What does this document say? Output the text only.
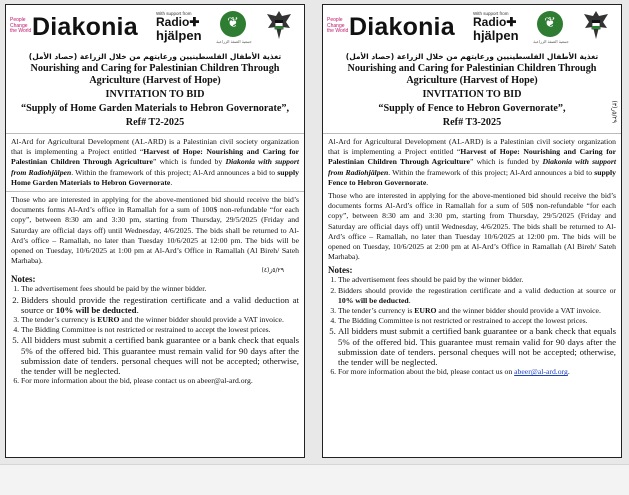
People
Change
the World Diakonia	With support from
Radio✚
hjälpen
❦
جمعية الضفة الزراعية
تغذية الأطفال الفلسطينيين ورعايتهم من خلال الزراعة (حصاد الأمل)
Nourishing and Caring for Palestinian Children Through Agriculture (Harvest of Hope)
INVITATION TO BID
“Supply of Home Garden Materials to Hebron Governorate”,
Ref# T2-2025

Al-Ard for Agricultural Development (AL-ARD) is a Palestinian civil society organization that is implementing a Project entitled “Harvest of Hope: Nourishing and Caring for Palestinian Children Through Agriculture” which is funded by Diakonia with support from Radiohjälpen. Within the framework of this project; Al-Ard announces a bid to supply Home Garden Materials to Hebron Governorate.

Those who are interested in applying for the above-mentioned bid should receive the bid’s documents forms Al-Ard’s office in Ramallah for a sum of 100$ non-refundable “for each copy”, between 8:30 am and 3:30 pm, starting from Thursday, 29/5/2025 (Friday and Saturday are official days off) until Wednesday, 4/6/2025. The bids shall be returned to Al-Ard’s office – Ramallah, no later than Tuesday 10/6/2025 at 12:00 pm. The bids will be opened on Tuesday, 10/6/2025 at 1:00 pm at Al-Ard’s Office in Ramallah (Al Bireh/ Sateh Marhaba).

(٤)٥/٢٩ز
Notes:
1. The advertisement fees should be paid by the winner bidder.
2. Bidders should provide the regestiration certificate and a valid deduction at source or 10% will be deducted.
3. The tender’s currency is EURO and the winner bidder should provide a VAT invoice.
4. The Bidding Committee is not restricted or restrained to accept the lowest prices.
5. All bidders must submit a certified bank guarantee or a bank check that equals 5% of the offered bid. This guarantee must remain valid for 90 days after the submission date of tenders. personal cheques will not be accepted; otherwise, the tender will be neglected.
6. For more information about the bid, please contact us on abeer@al-ard.org.
People
Change
the World Diakonia	With support from
Radio✚
hjälpen
❦
جمعية الضفة الزراعية
تغذية الأطفال الفلسطينيين ورعايتهم من خلال الزراعة (حصاد الأمل)
Nourishing and Caring for Palestinian Children Through Agriculture (Harvest of Hope)
INVITATION TO BID
“Supply of Fence to Hebron Governorate”,
Ref# T3-2025
(٣)٥/٢٩ز

Al-Ard for Agricultural Development (AL-ARD) is a Palestinian civil society organization that is implementing a Project entitled “Harvest of Hope: Nourishing and Caring for Palestinian Children Through Agriculture” which is funded by Diakonia with support from Radiohjälpen. Within the framework of this project; Al-Ard announces a bid to supply Fence to Hebron Governorate.

Those who are interested in applying for the above-mentioned bid should receive the bid’s documents forms Al-Ard’s office in Ramallah for a sum of 50$ non-refundable “for each copy”, between 8:30 am and 3:30 pm, starting from Thursday, 29/5/2025 (Friday and Saturday are official days off) until Wednesday, 4/6/2025. The bids shall be returned to Al-Ard’s office – Ramallah, no later than Tuesday 10/6/2025 at 12:00 pm. The bids will be opened on Tuesday, 10/6/2025 at 2:00 pm at Al-Ard’s Office in Ramallah (Al Bireh/ Sateh Marhaba).

Notes:
1. The advertisement fees should be paid by the winner bidder.
2. Bidders should provide the regestiration certificate and a valid deduction at source or 10% will be deducted.
3. The tender’s currency is EURO and the winner bidder should provide a VAT invoice.
4. The Bidding Committee is not restricted or restrained to accept the lowest prices.
5. All bidders must submit a certified bank guarantee or a bank check that equals 5% of the offered bid. This guarantee must remain valid for 90 days after the submission date of tenders. personal cheques will not be accepted; otherwise, the tender will be neglected.
6. For more information about the bid, please contact us on abeer@al-ard.org.
